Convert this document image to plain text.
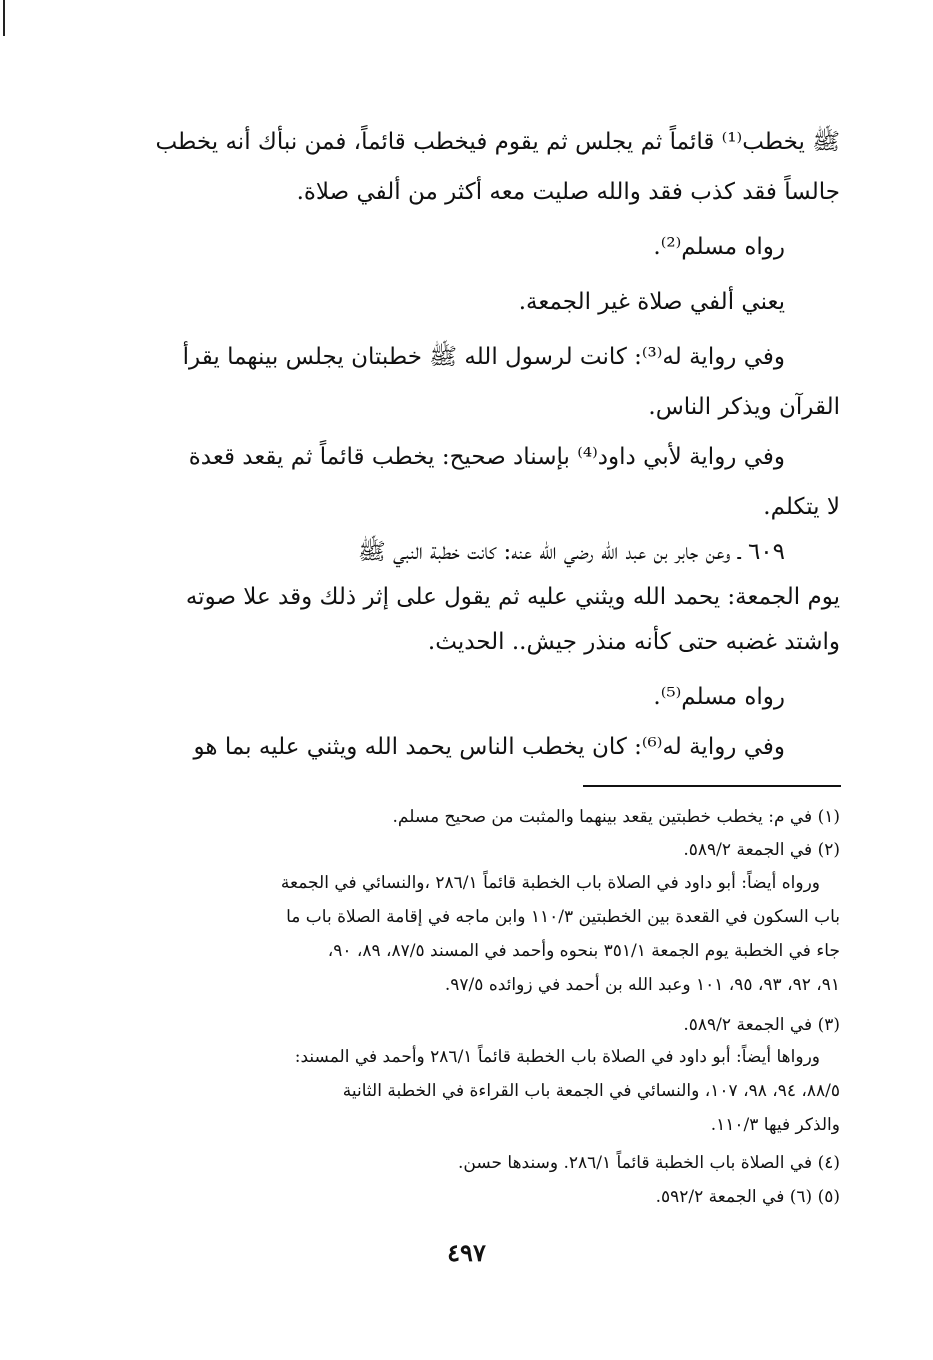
ﷺ يخطب⁽¹⁾ قائماً ثم يجلس ثم يقوم فيخطب قائماً، فمن نبأك أنه يخطب
جالساً فقد كذب فقد والله صليت معه أكثر من ألفي صلاة.
رواه مسلم⁽²⁾.
يعني ألفي صلاة غير الجمعة.
وفي رواية له⁽³⁾: كانت لرسول الله ﷺ خطبتان يجلس بينهما يقرأ
القرآن ويذكر الناس.
وفي رواية لأبي داود⁽⁴⁾ بإسناد صحيح: يخطب قائماً ثم يقعد قعدة
لا يتكلم.
٦٠٩ ـ وعن جابر بن عبد الله رضي الله عنه: كانت خطبة النبي ﷺ
يوم الجمعة: يحمد الله ويثني عليه ثم يقول على إثر ذلك وقد علا صوته
واشتد غضبه حتى كأنه منذر جيش.. الحديث.
رواه مسلم⁽⁵⁾.
وفي رواية له⁽⁶⁾: كان يخطب الناس يحمد الله ويثني عليه بما هو
(١) في م: يخطب خطبتين يقعد بينهما والمثبت من صحيح مسلم.
(٢) في الجمعة ٥٨٩/٢.
ورواه أيضاً: أبو داود في الصلاة باب الخطبة قائماً ٢٨٦/١ ،والنسائي في الجمعة
باب السكون في القعدة بين الخطبتين ١١٠/٣ وابن ماجه في إقامة الصلاة باب ما
جاء في الخطبة يوم الجمعة ٣٥١/١ بنحوه وأحمد في المسند ٨٧/٥، ٨٩، ٩٠،
٩١، ٩٢، ٩٣، ٩٥، ١٠١ وعبد الله بن أحمد في زوائده ٩٧/٥.
(٣) في الجمعة ٥٨٩/٢.
ورواها أيضاً: أبو داود في الصلاة باب الخطبة قائماً ٢٨٦/١ وأحمد في المسند:
٨٨/٥، ٩٤، ٩٨، ١٠٧، والنسائي في الجمعة باب القراءة في الخطبة الثانية
والذكر فيها ١١٠/٣.
(٤) في الصلاة باب الخطبة قائماً ٢٨٦/١. وسندها حسن.
(٥) (٦) في الجمعة ٥٩٢/٢.
٤٩٧
